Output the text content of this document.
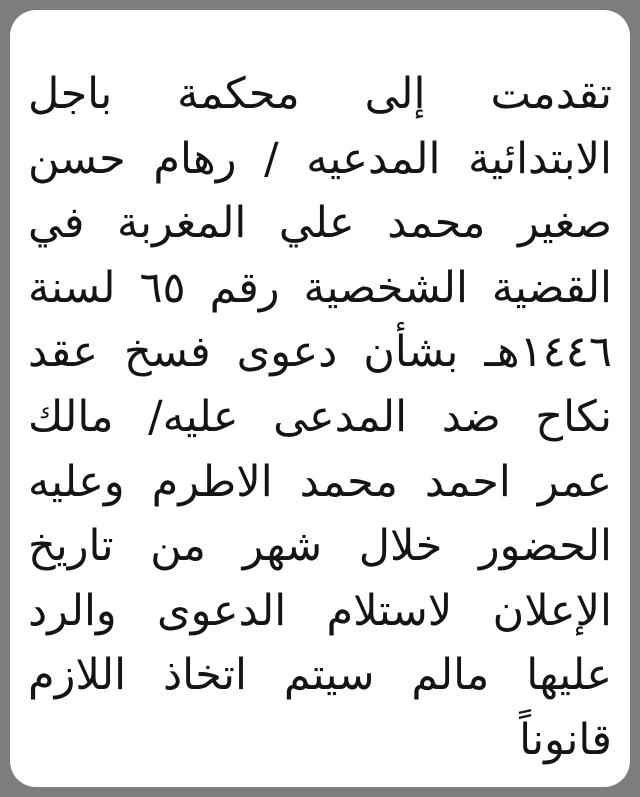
تقدمت إلى محكمة باجل
الابتدائية المدعيه / رهام حسن
صغير محمد علي المغربة في
القضية الشخصية رقم ٦٥ لسنة
١٤٤٦هـ بشأن دعوى فسخ عقد
نكاح ضد المدعى عليه/ مالك
عمر احمد محمد الاطرم وعليه
الحضور خلال شهر من تاريخ
الإعلان لاستلام الدعوى والرد
عليها مالم سيتم اتخاذ اللازم
قانوناً
